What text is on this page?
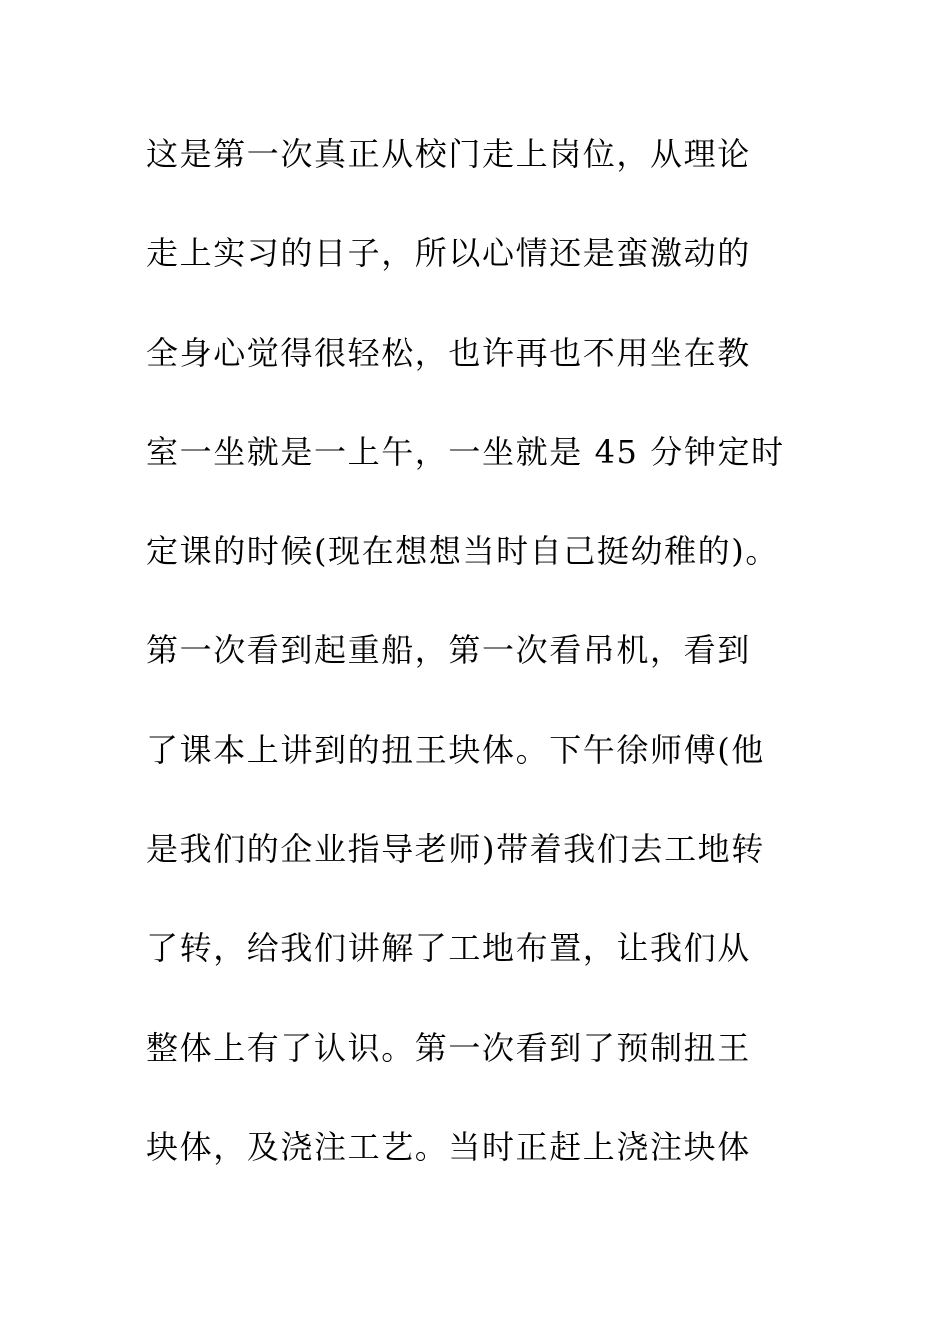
这是第一次真正从校门走上岗位，从理论
走上实习的日子，所以心情还是蛮激动的
全身心觉得很轻松，也许再也不用坐在教
室一坐就是一上午，一坐就是 45 分钟定时
定课的时候(现在想想当时自己挺幼稚的)。
第一次看到起重船，第一次看吊机，看到
了课本上讲到的扭王块体。下午徐师傅(他
是我们的企业指导老师)带着我们去工地转
了转，给我们讲解了工地布置，让我们从
整体上有了认识。第一次看到了预制扭王
块体，及浇注工艺。当时正赶上浇注块体
